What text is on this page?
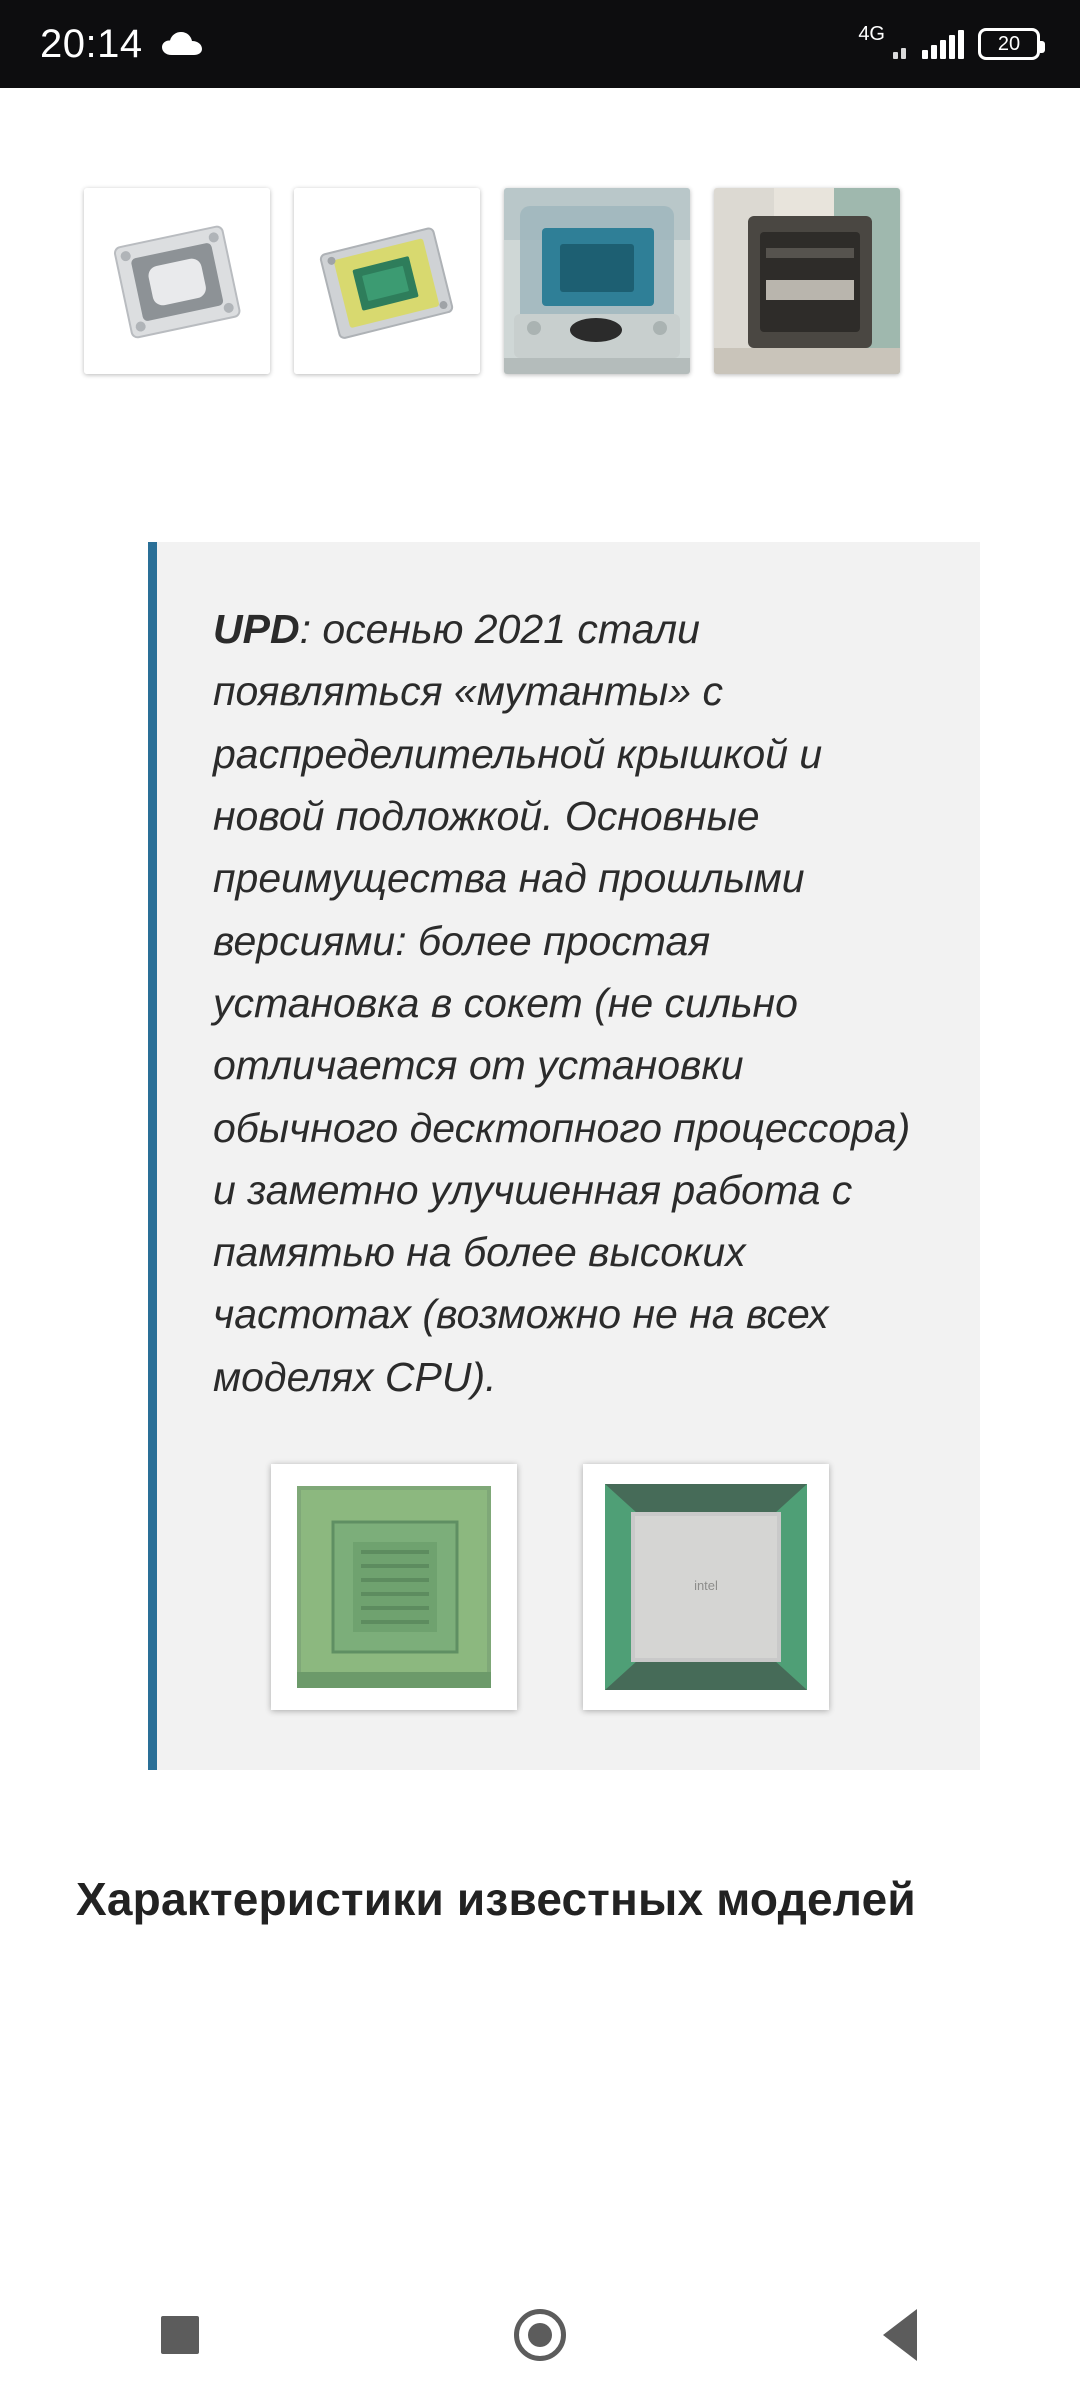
20:14	4G	20

UPD: осенью 2021 стали появляться «мутанты» с распределительной крышкой и новой подложкой. Основные преимущества над прошлыми версиями: более простая установка в сокет (не сильно отличается от установки обычного десктопного процессора) и заметно улучшенная работа с памятью на более высоких частотах (возможно не на всех моделях CPU).

intel
Характеристики известных моделей
